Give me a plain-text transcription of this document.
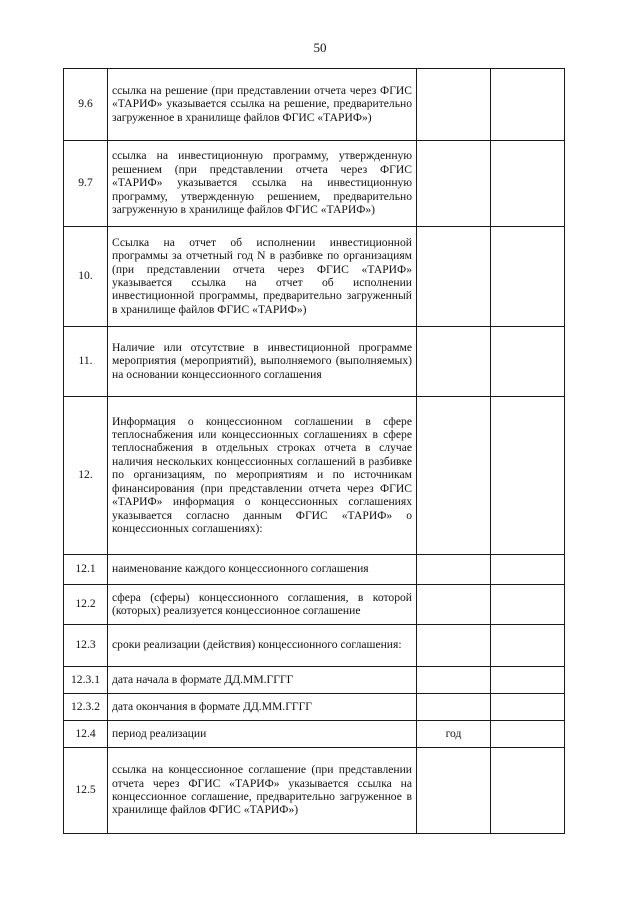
50
9.6	ссылка на решение (при представлении отчета через ФГИС «ТАРИФ» указывается ссылка на решение, предварительно загруженное в хранилище файлов ФГИС «ТАРИФ»)		
9.7	ссылка на инвестиционную программу, утвержденную решением (при представлении отчета через ФГИС «ТАРИФ» указывается ссылка на инвестиционную программу, утвержденную решением, предварительно загруженную в хранилище файлов ФГИС «ТАРИФ»)		
10.	Ссылка на отчет об исполнении инвестиционной программы за отчетный год N в разбивке по организациям (при представлении отчета через ФГИС «ТАРИФ» указывается ссылка на отчет об исполнении инвестиционной программы, предварительно загруженный в хранилище файлов ФГИС «ТАРИФ»)		
11.	Наличие или отсутствие в инвестиционной программе мероприятия (мероприятий), выполняемого (выполняемых) на основании концессионного соглашения		
12.	Информация о концессионном соглашении в сфере теплоснабжения или концессионных соглашениях в сфере теплоснабжения в отдельных строках отчета в случае наличия нескольких концессионных соглашений в разбивке по организациям, по мероприятиям и по источникам финансирования (при представлении отчета через ФГИС «ТАРИФ» информация о концессионных соглашениях указывается согласно данным ФГИС «ТАРИФ» о концессионных соглашениях):		
12.1	наименование каждого концессионного соглашения		
12.2	сфера (сферы) концессионного соглашения, в которой (которых) реализуется концессионное соглашение		
12.3	сроки реализации (действия) концессионного соглашения:		
12.3.1	дата начала в формате ДД.ММ.ГГГГ		
12.3.2	дата окончания в формате ДД.ММ.ГГГГ		
12.4	период реализации	год	
12.5	ссылка на концессионное соглашение (при представлении отчета через ФГИС «ТАРИФ» указывается ссылка на концессионное соглашение, предварительно загруженное в хранилище файлов ФГИС «ТАРИФ»)		
